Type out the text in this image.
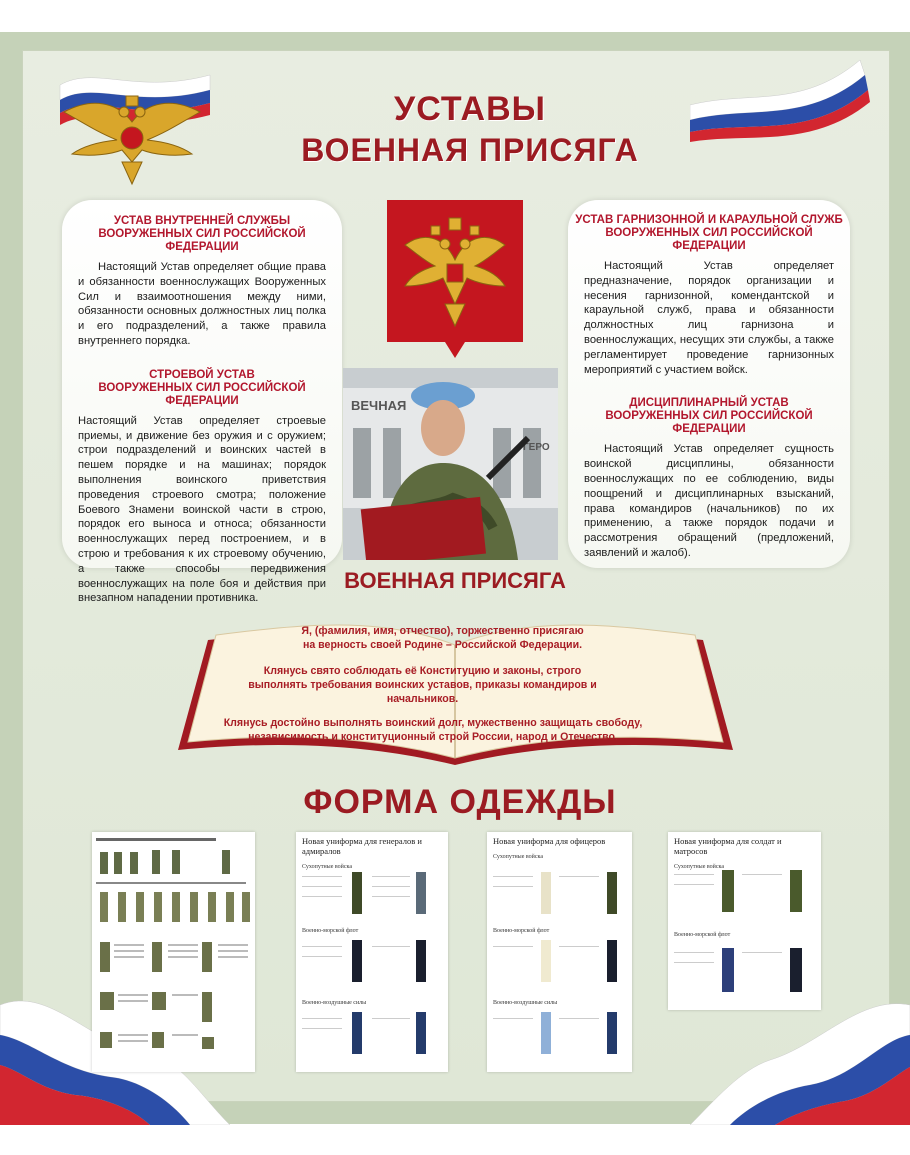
УСТАВЫ
ВОЕННАЯ ПРИСЯГА
УСТАВ ВНУТРЕННЕЙ СЛУЖБЫ
ВООРУЖЕННЫХ СИЛ РОССИЙСКОЙ ФЕДЕРАЦИИ
Настоящий Устав определяет общие права и обязанности военнослужащих Вооруженных Сил и взаимоотношения между ними, обязанности основных должностных лиц полка и его подразделений, а также правила внутреннего порядка.
СТРОЕВОЙ УСТАВ
ВООРУЖЕННЫХ СИЛ РОССИЙСКОЙ ФЕДЕРАЦИИ
Настоящий Устав определяет строевые приемы, и движение без оружия и с оружием; строи подразделений и воинских частей в пешем порядке и на машинах; порядок выполнения воинского приветствия проведения строевого смотра; положение Боевого Знамени воинской части в строю, порядок его выноса и относа; обязанности военнослужащих перед построением, и в строю и требования к их строевому обучению, а также способы передвижения военнослужащих на поле боя и действия при внезапном нападении противника.
УСТАВ ГАРНИЗОННОЙ И КАРАУЛЬНОЙ СЛУЖБ
ВООРУЖЕННЫХ СИЛ РОССИЙСКОЙ ФЕДЕРАЦИИ
Настоящий Устав определяет предназначение, порядок организации и несения гарнизонной, комендантской и караульной служб, права и обязанности должностных лиц гарнизона и военнослужащих, несущих эти службы, а также регламентирует проведение гарнизонных мероприятий с участием войск.
ДИСЦИПЛИНАРНЫЙ УСТАВ
ВООРУЖЕННЫХ СИЛ РОССИЙСКОЙ ФЕДЕРАЦИИ
Настоящий Устав определяет сущность воинской дисциплины, обязанности военнослужащих по ее соблюдению, виды поощрений и дисциплинарных взысканий, права командиров (начальников) по их применению, а также порядок подачи и рассмотрения обращений (предложений, заявлений и жалоб).
ВЕЧНАЯ
ГЕРО
ВОЕННАЯ ПРИСЯГА
Я, (фамилия, имя, отчество), торжественно присягаю на верность своей Родине – Российской Федерации.
Клянусь свято соблюдать её Конституцию и законы, строго выполнять требования воинских уставов, приказы командиров и начальников.
Клянусь достойно выполнять воинский долг, мужественно защищать свободу, независимость и конституционный строй России, народ и Отечество.
ФОРМА ОДЕЖДЫ
Новая униформа для генералов и адмиралов
Сухопутные войска
Военно-морской флот
Военно-воздушные силы
Новая униформа для офицеров
Сухопутные войска
Военно-морской флот
Военно-воздушные силы
Новая униформа для солдат и матросов
Сухопутные войска
Военно-морской флот
